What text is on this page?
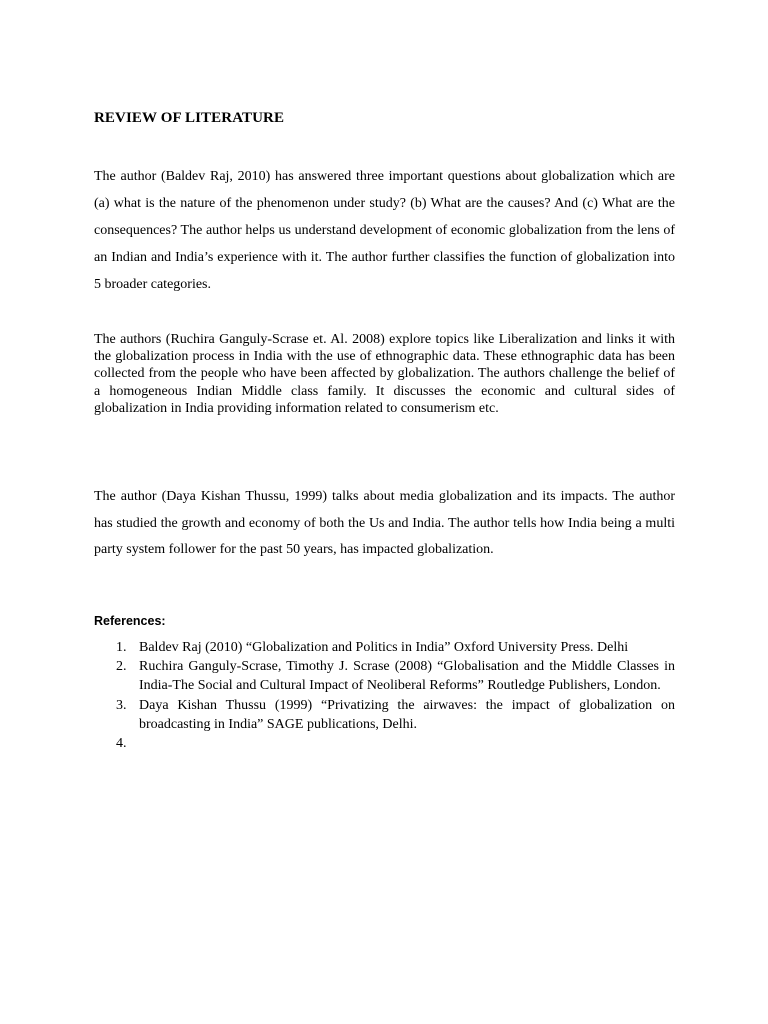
REVIEW OF LITERATURE

The author (Baldev Raj, 2010) has answered three important questions about globalization which are (a) what is the nature of the phenomenon under study? (b) What are the causes? And (c) What are the consequences? The author helps us understand development of economic globalization from the lens of an Indian and India’s experience with it. The author further classifies the function of globalization into 5 broader categories.

The authors (Ruchira Ganguly-Scrase et. Al. 2008) explore topics like Liberalization and links it with the globalization process in India with the use of ethnographic data. These ethnographic data has been collected from the people who have been affected by globalization. The authors challenge the belief of a homogeneous Indian Middle class family. It discusses the economic and cultural sides of globalization in India providing information related to consumerism etc.

The author (Daya Kishan Thussu, 1999) talks about media globalization and its impacts. The author has studied the growth and economy of both the Us and India. The author tells how India being a multi party system follower for the past 50 years, has impacted globalization.

References:
1. Baldev Raj (2010) “Globalization and Politics in India” Oxford University Press. Delhi
2. Ruchira Ganguly-Scrase, Timothy J. Scrase (2008) “Globalisation and the Middle Classes in India-The Social and Cultural Impact of Neoliberal Reforms” Routledge Publishers, London.
3. Daya Kishan Thussu (1999) “Privatizing the airwaves: the impact of globalization on broadcasting in India” SAGE publications, Delhi.
4.
